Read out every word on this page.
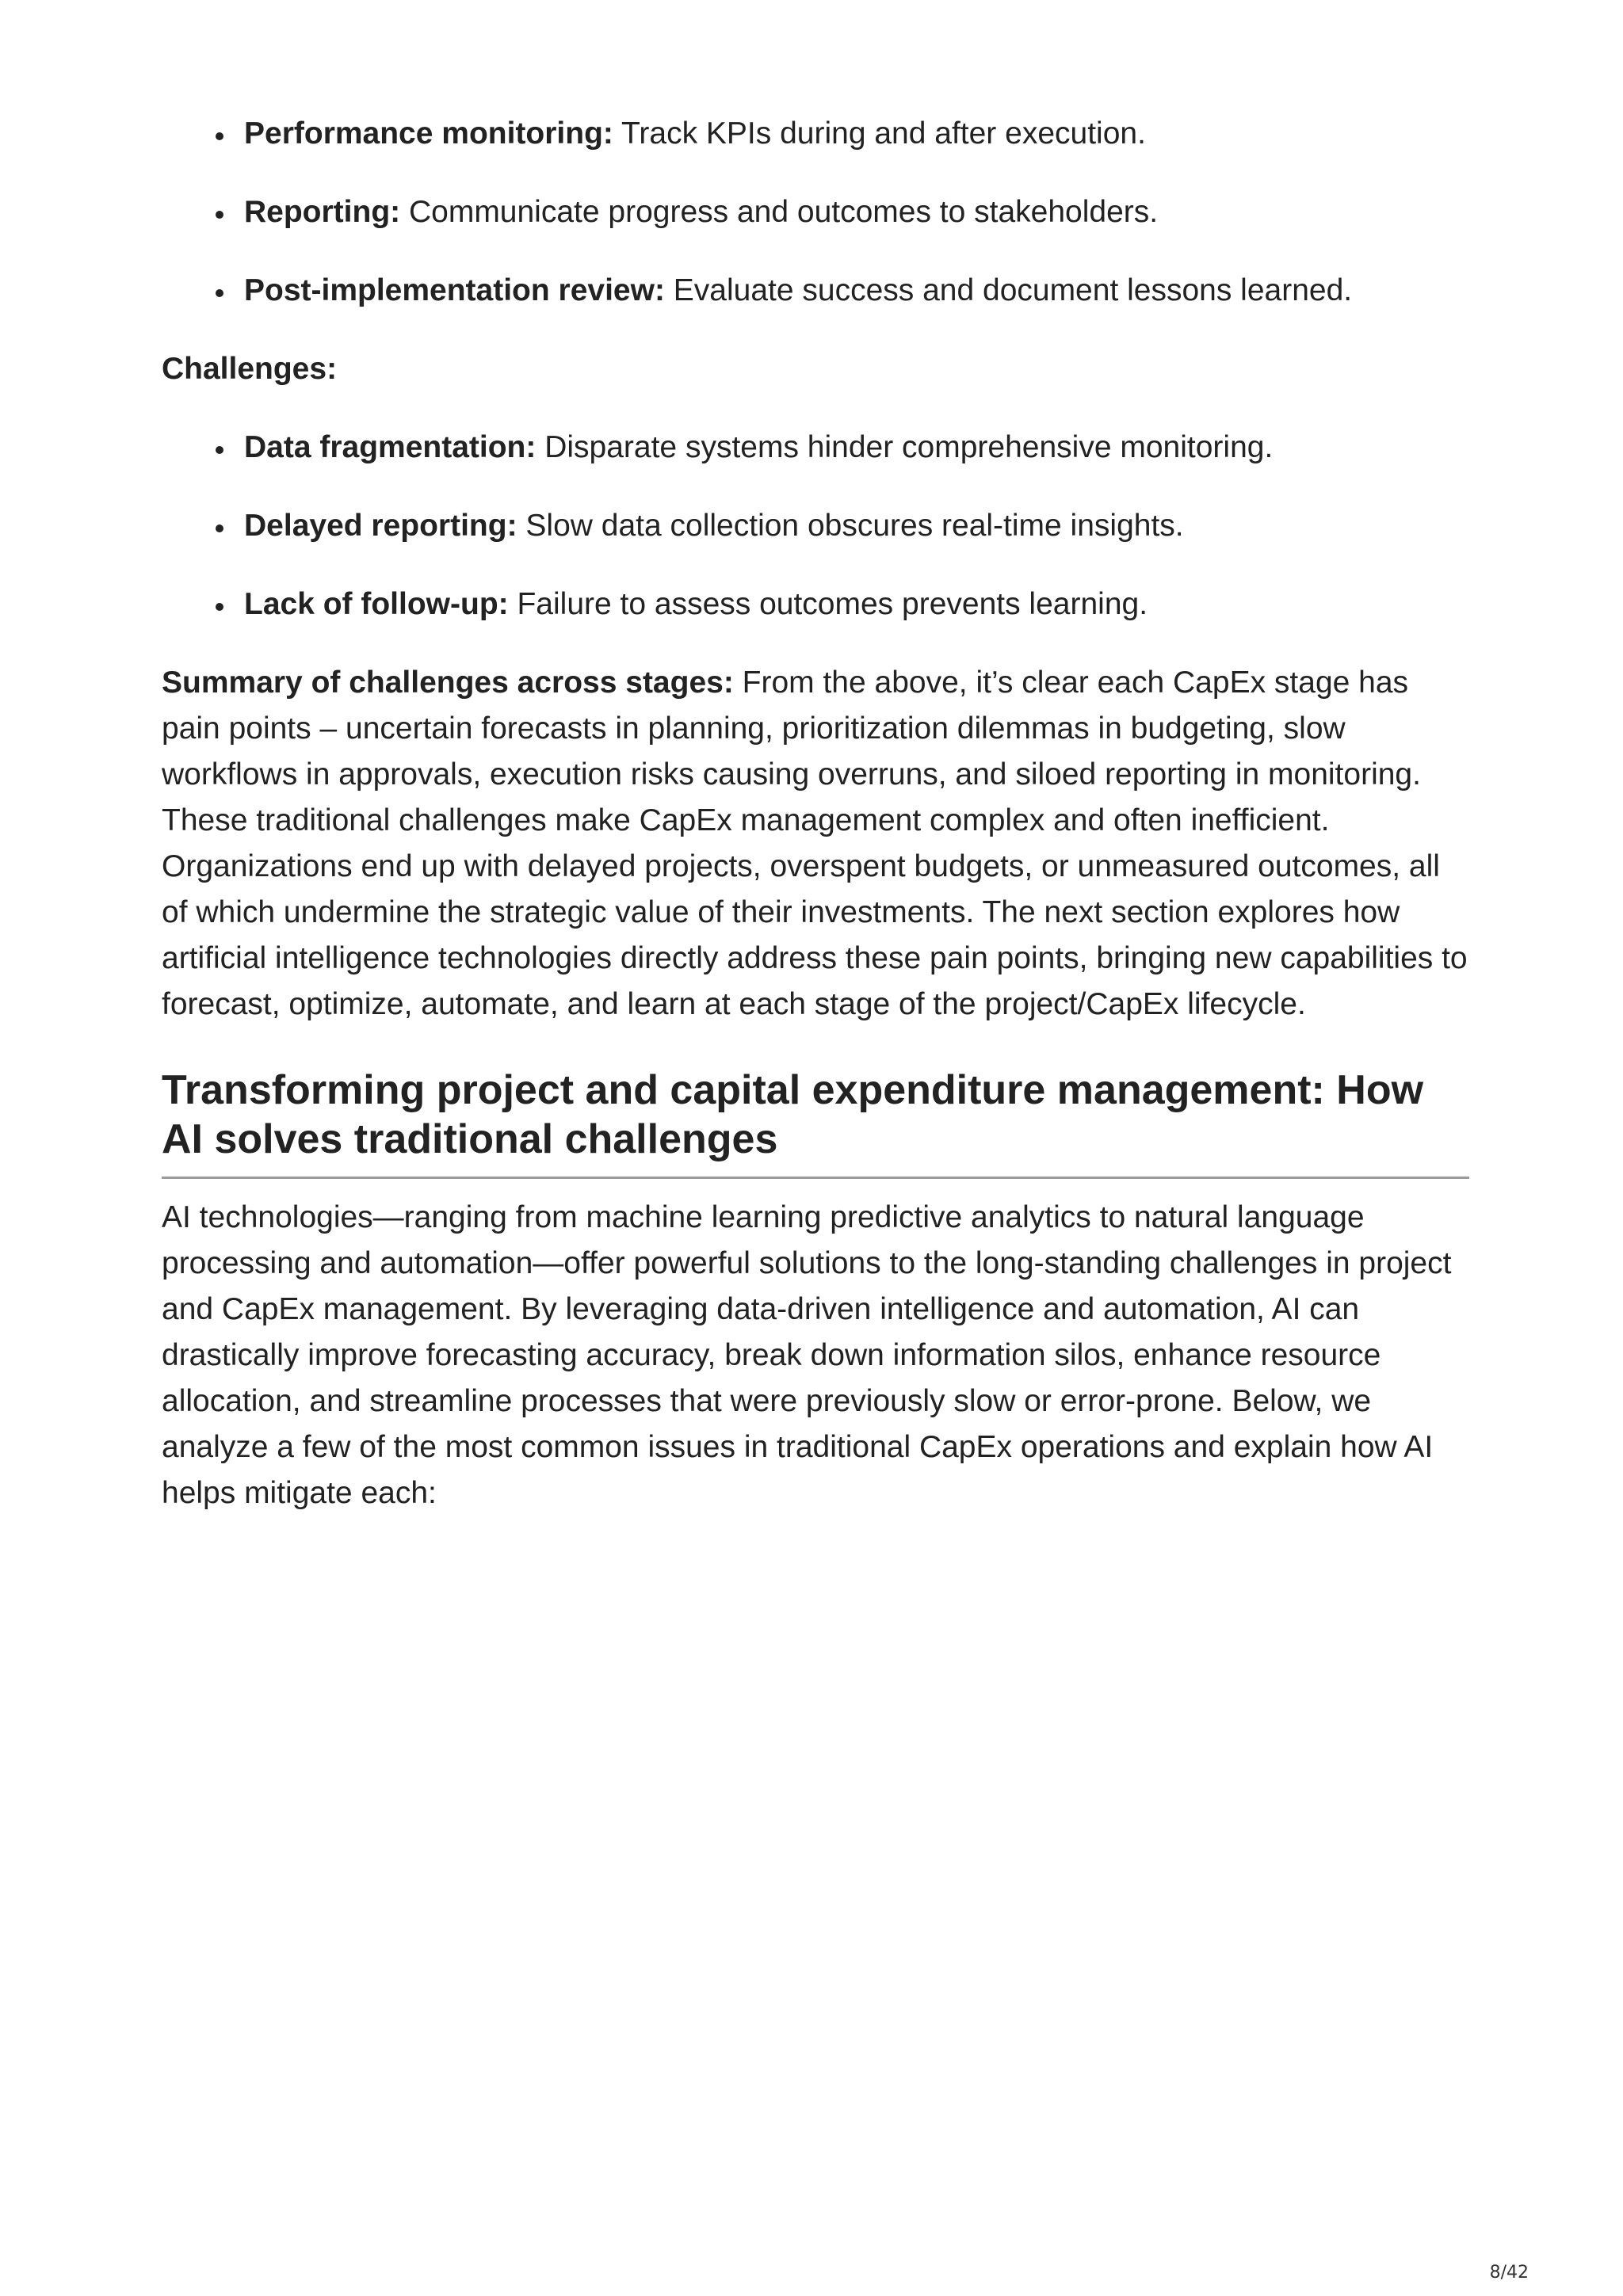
Performance monitoring: Track KPIs during and after execution.
Reporting: Communicate progress and outcomes to stakeholders.
Post-implementation review: Evaluate success and document lessons learned.

Challenges:

Data fragmentation: Disparate systems hinder comprehensive monitoring.
Delayed reporting: Slow data collection obscures real-time insights.
Lack of follow-up: Failure to assess outcomes prevents learning.

Summary of challenges across stages: From the above, it’s clear each CapEx stage has pain points – uncertain forecasts in planning, prioritization dilemmas in budgeting, slow workflows in approvals, execution risks causing overruns, and siloed reporting in monitoring. These traditional challenges make CapEx management complex and often inefficient. Organizations end up with delayed projects, overspent budgets, or unmeasured outcomes, all of which undermine the strategic value of their investments. The next section explores how artificial intelligence technologies directly address these pain points, bringing new capabilities to forecast, optimize, automate, and learn at each stage of the project/CapEx lifecycle.

Transforming project and capital expenditure management: How AI solves traditional challenges

AI technologies—ranging from machine learning predictive analytics to natural language processing and automation—offer powerful solutions to the long-standing challenges in project and CapEx management. By leveraging data-driven intelligence and automation, AI can drastically improve forecasting accuracy, break down information silos, enhance resource allocation, and streamline processes that were previously slow or error-prone. Below, we analyze a few of the most common issues in traditional CapEx operations and explain how AI helps mitigate each:

8/42
